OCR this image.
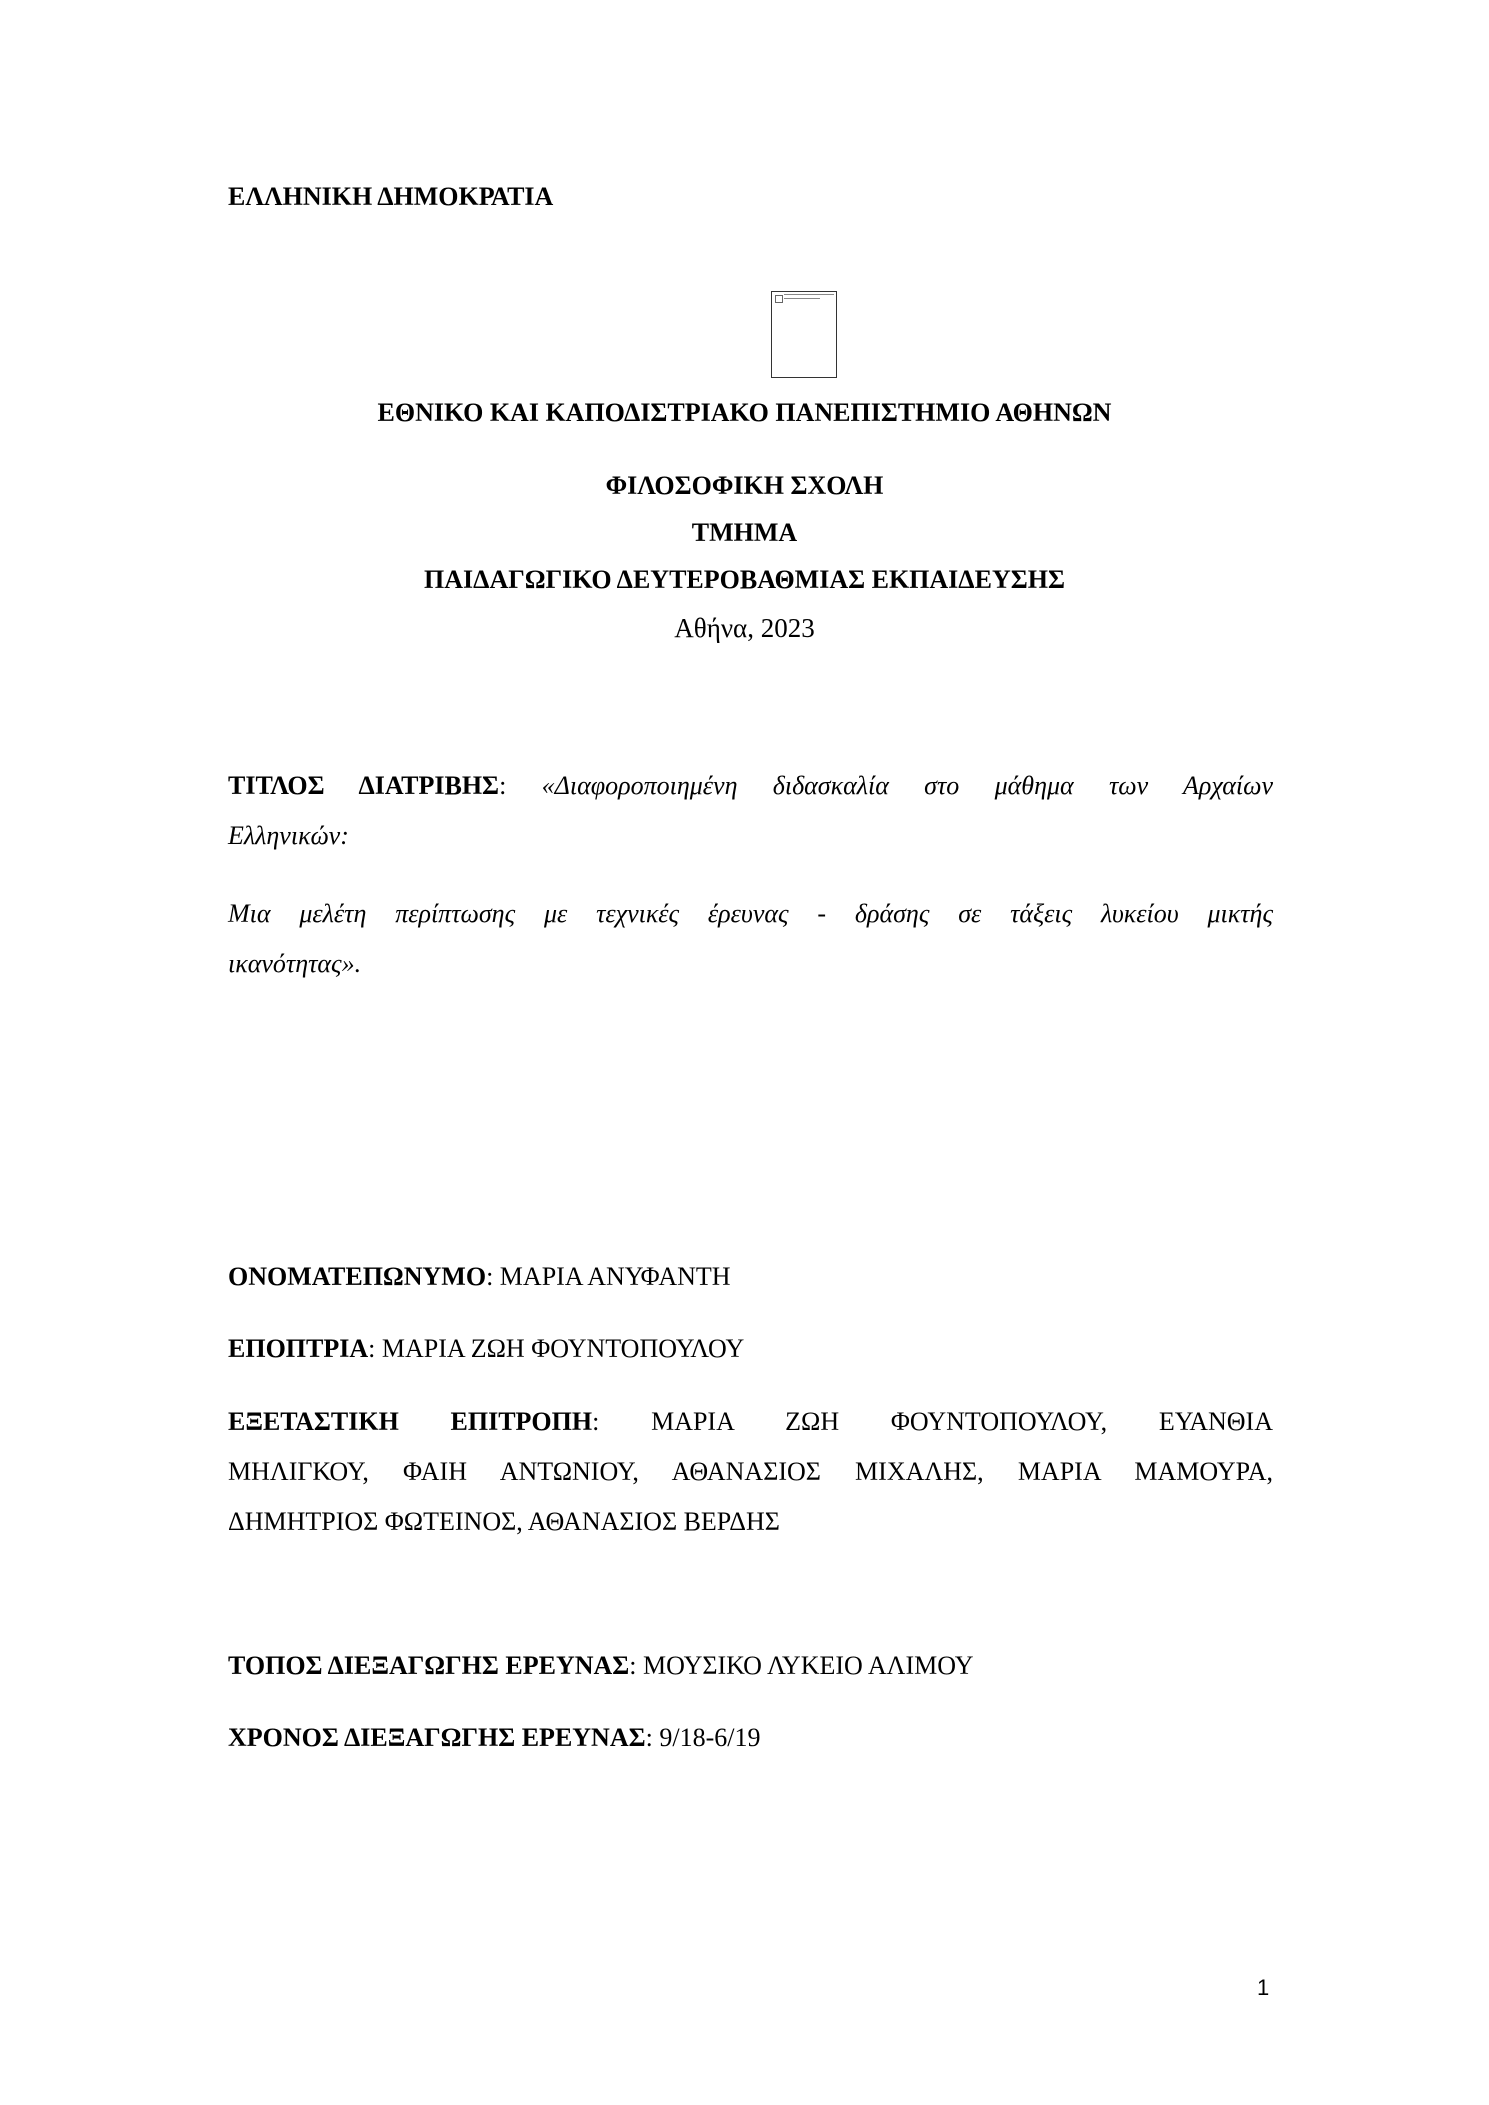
ΕΛΛΗΝΙΚΗ ΔΗΜΟΚΡΑΤΙΑ
ΕΘΝΙΚΟ ΚΑΙ ΚΑΠΟΔΙΣΤΡΙΑΚΟ ΠΑΝΕΠΙΣΤΗΜΙΟ ΑΘΗΝΩΝ
ΦΙΛΟΣΟΦΙΚΗ ΣΧΟΛΗ
ΤΜΗΜΑ
ΠΑΙΔΑΓΩΓΙΚΟ ΔΕΥΤΕΡΟΒΑΘΜΙΑΣ ΕΚΠΑΙΔΕΥΣΗΣ
Αθήνα, 2023
ΤΙΤΛΟΣ ΔΙΑΤΡΙΒΗΣ: «Διαφοροποιημένη διδασκαλία στο μάθημα των Αρχαίων
Ελληνικών:
Μια μελέτη περίπτωσης με τεχνικές έρευνας - δράσης σε τάξεις λυκείου μικτής
ικανότητας».
ΟΝΟΜΑΤΕΠΩΝΥΜΟ: ΜΑΡΙΑ ΑΝΥΦΑΝΤΗ
ΕΠΟΠΤΡΙΑ: ΜΑΡΙΑ ΖΩΗ ΦΟΥΝΤΟΠΟΥΛΟΥ
ΕΞΕΤΑΣΤΙΚΗ ΕΠΙΤΡΟΠΗ: ΜΑΡΙΑ ΖΩΗ ΦΟΥΝΤΟΠΟΥΛΟΥ, ΕΥΑΝΘΙΑ
ΜΗΛΙΓΚΟΥ, ΦΑΙΗ ΑΝΤΩΝΙΟΥ, ΑΘΑΝΑΣΙΟΣ ΜΙΧΑΛΗΣ, ΜΑΡΙΑ ΜΑΜΟΥΡΑ,
ΔΗΜΗΤΡΙΟΣ ΦΩΤΕΙΝΟΣ, ΑΘΑΝΑΣΙΟΣ ΒΕΡΔΗΣ
ΤΟΠΟΣ ΔΙΕΞΑΓΩΓΗΣ ΕΡΕΥΝΑΣ: ΜΟΥΣΙΚΟ ΛΥΚΕΙΟ ΑΛΙΜΟΥ
ΧΡΟΝΟΣ ΔΙΕΞΑΓΩΓΗΣ ΕΡΕΥΝΑΣ: 9/18-6/19
1
